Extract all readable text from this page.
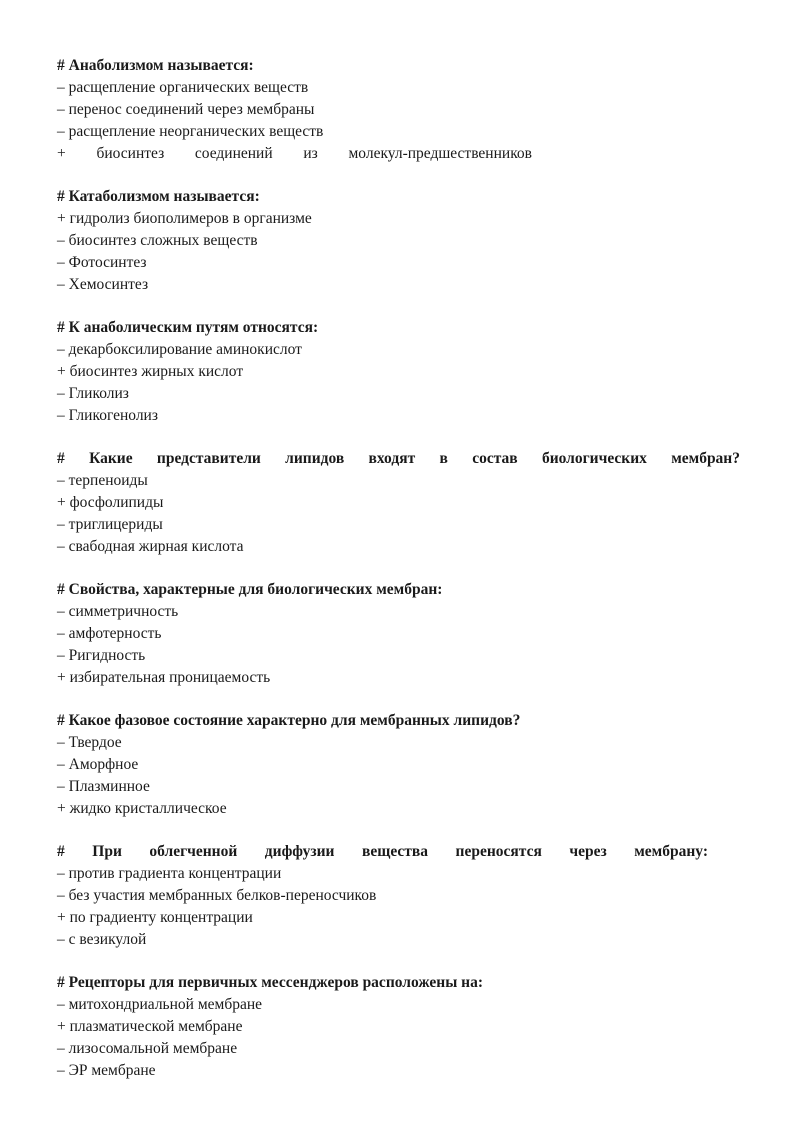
# Анаболизмом называется:

– расщепление органических веществ

– перенос соединений через мембраны

– расщепление неорганических веществ

+ биосинтез соединений из молекул-предшественников

# Катаболизмом называется:

+ гидролиз биополимеров в организме

– биосинтез сложных веществ

– Фотосинтез

– Хемосинтез

# К анаболическим путям относятся:

– декарбоксилирование аминокислот

+ биосинтез жирных кислот

– Гликолиз

– Гликогенолиз

# Какие представители липидов входят в состав биологических мембран?

– терпеноиды

+ фосфолипиды

– триглицериды

– свабодная жирная кислота

# Свойства, характерные для биологических мембран:

– симметричность

– амфотерность

– Ригидность

+ избирательная проницаемость

# Какое фазовое состояние характерно для мембранных липидов?

– Твердое

– Аморфное

– Плазминное

+ жидко кристаллическое

# При облегченной диффузии вещества переносятся через мембрану:

– против градиента концентрации

– без участия мембранных белков-переносчиков

+ по градиенту концентрации

– с везикулой

# Рецепторы для первичных мессенджеров расположены на:

– митохондриальной мембране

+ плазматической мембране

– лизосомальной мембране

– ЭР мембране
